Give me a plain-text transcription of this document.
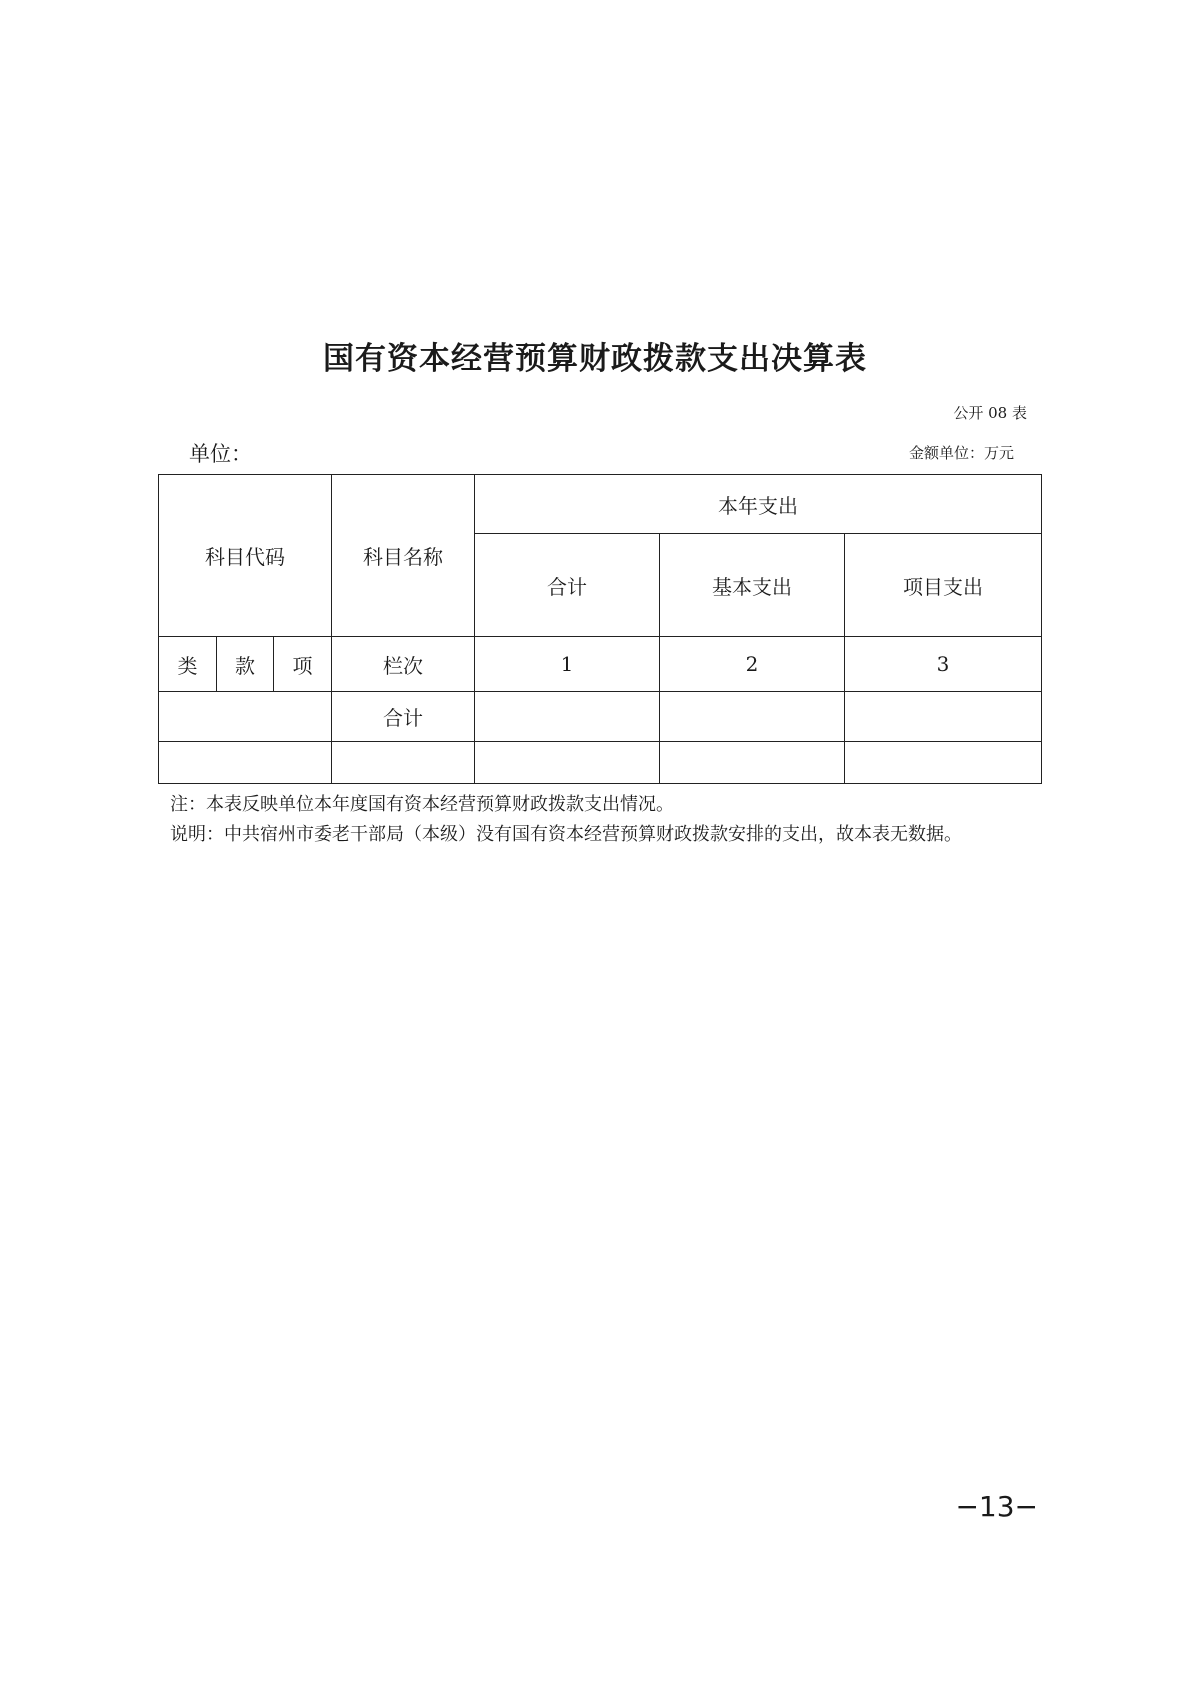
国有资本经营预算财政拨款支出决算表
公开 08 表
单位：	金额单位：万元
科目代码			科目名称	本年支出		
				合计	基本支出	项目支出
类	款	项	栏次	1	2	3
			合计			

注：本表反映单位本年度国有资本经营预算财政拨款支出情况。
说明：中共宿州市委老干部局（本级）没有国有资本经营预算财政拨款安排的支出，故本表无数据。
−13−
